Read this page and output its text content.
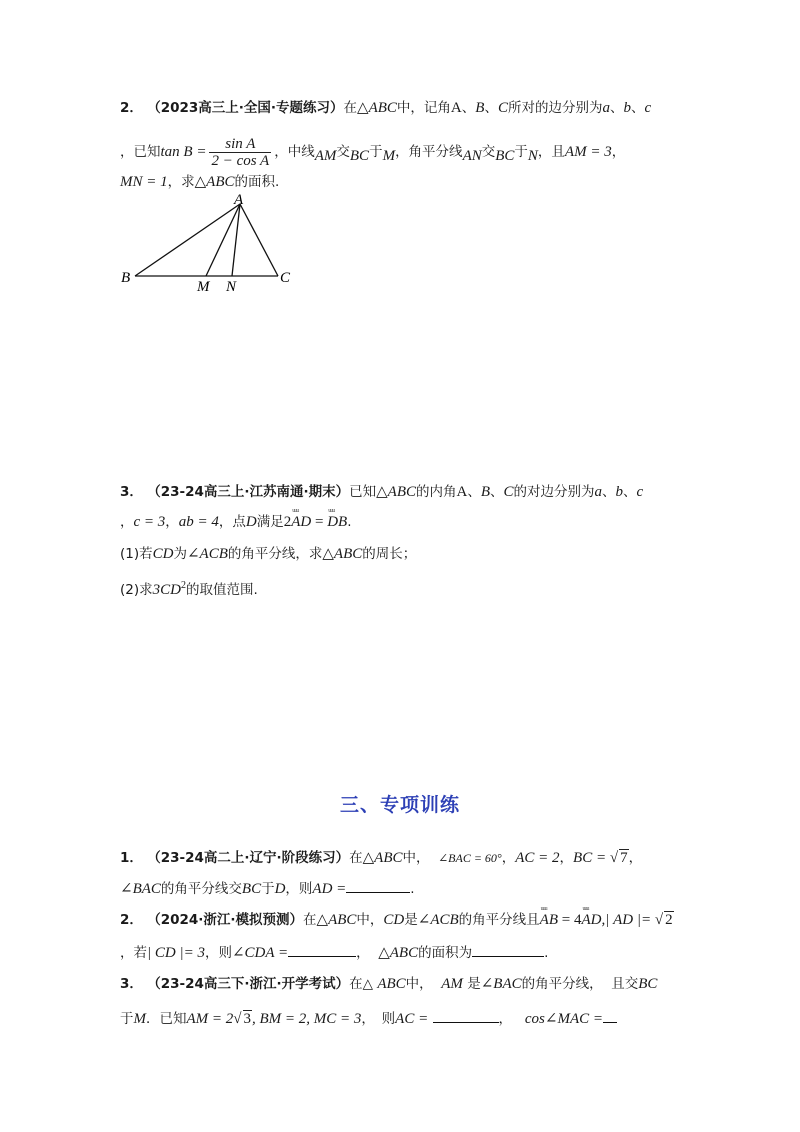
2． （2023高三上·全国·专题练习）在△ABC中，记角A、B、C所对的边分别为a、b、c
，已知$\tan B = \frac{\text{sin A}}{\text{2 − cos A}}$ ，中线AM交BC于M，角平分线AN交BC于N，且AM = 3，
MN = 1，求△ABC的面积.
A
B	C
M N
3． （23-24高三上·江苏南通·期末）已知△ABC的内角A、B、C的对边分别为a、b、c
，c = 3，ab = 4，点D满足2uuu AD = uuu DB.
(1)若CD为∠ACB的角平分线，求△ABC的周长；
(2)求$3CD^2$的取值范围.
三、专项训练
1． （23-24高二上·辽宁·阶段练习）在△ABC中， ∠BAC = 60°，AC = 2，BC = √ 7，
∠BAC的角平分线交BC于D，则AD =	.
2． （2024·浙江·模拟预测）在△ABC中，CD是∠ACB的角平分线且uuu AB = 4uuu AD,| AD |= √ 2
，若| CD |= 3，则∠CDA =	， △ABC的面积为	.
3． （23-24高三下·浙江·开学考试）在△ ABC中， AM 是∠BAC的角平分线， 且交BC
于M．已知AM = 2√ 3, BM = 2, MC = 3，　则AC =	， cos∠MAC =
